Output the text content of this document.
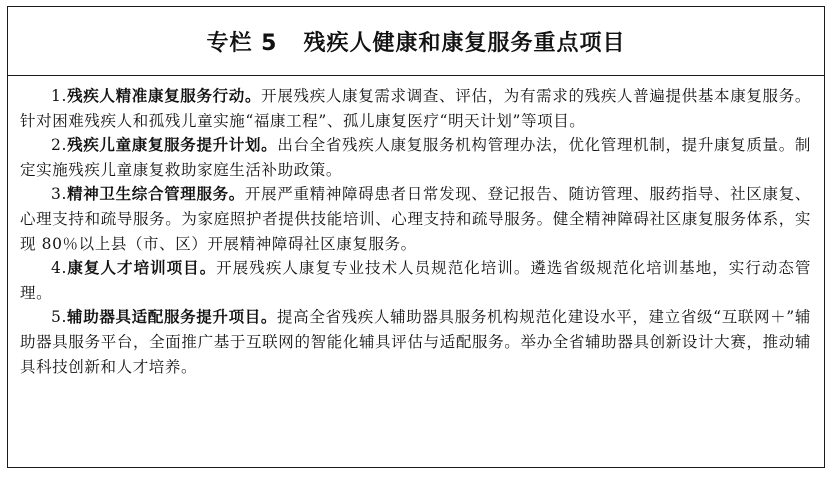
专栏 5 残疾人健康和康复服务重点项目

1.残疾人精准康复服务行动。开展残疾人康复需求调查、评估，为有需求的残疾人普遍提供基本康复服务。针对困难残疾人和孤残儿童实施“福康工程”、孤儿康复医疗“明天计划”等项目。

2.残疾儿童康复服务提升计划。出台全省残疾人康复服务机构管理办法，优化管理机制，提升康复质量。制定实施残疾儿童康复救助家庭生活补助政策。

3.精神卫生综合管理服务。开展严重精神障碍患者日常发现、登记报告、随访管理、服药指导、社区康复、心理支持和疏导服务。为家庭照护者提供技能培训、心理支持和疏导服务。健全精神障碍社区康复服务体系，实现 80％以上县（市、区）开展精神障碍社区康复服务。

4.康复人才培训项目。开展残疾人康复专业技术人员规范化培训。遴选省级规范化培训基地，实行动态管理。

5.辅助器具适配服务提升项目。提高全省残疾人辅助器具服务机构规范化建设水平，建立省级“互联网＋”辅助器具服务平台，全面推广基于互联网的智能化辅具评估与适配服务。举办全省辅助器具创新设计大赛，推动辅具科技创新和人才培养。
